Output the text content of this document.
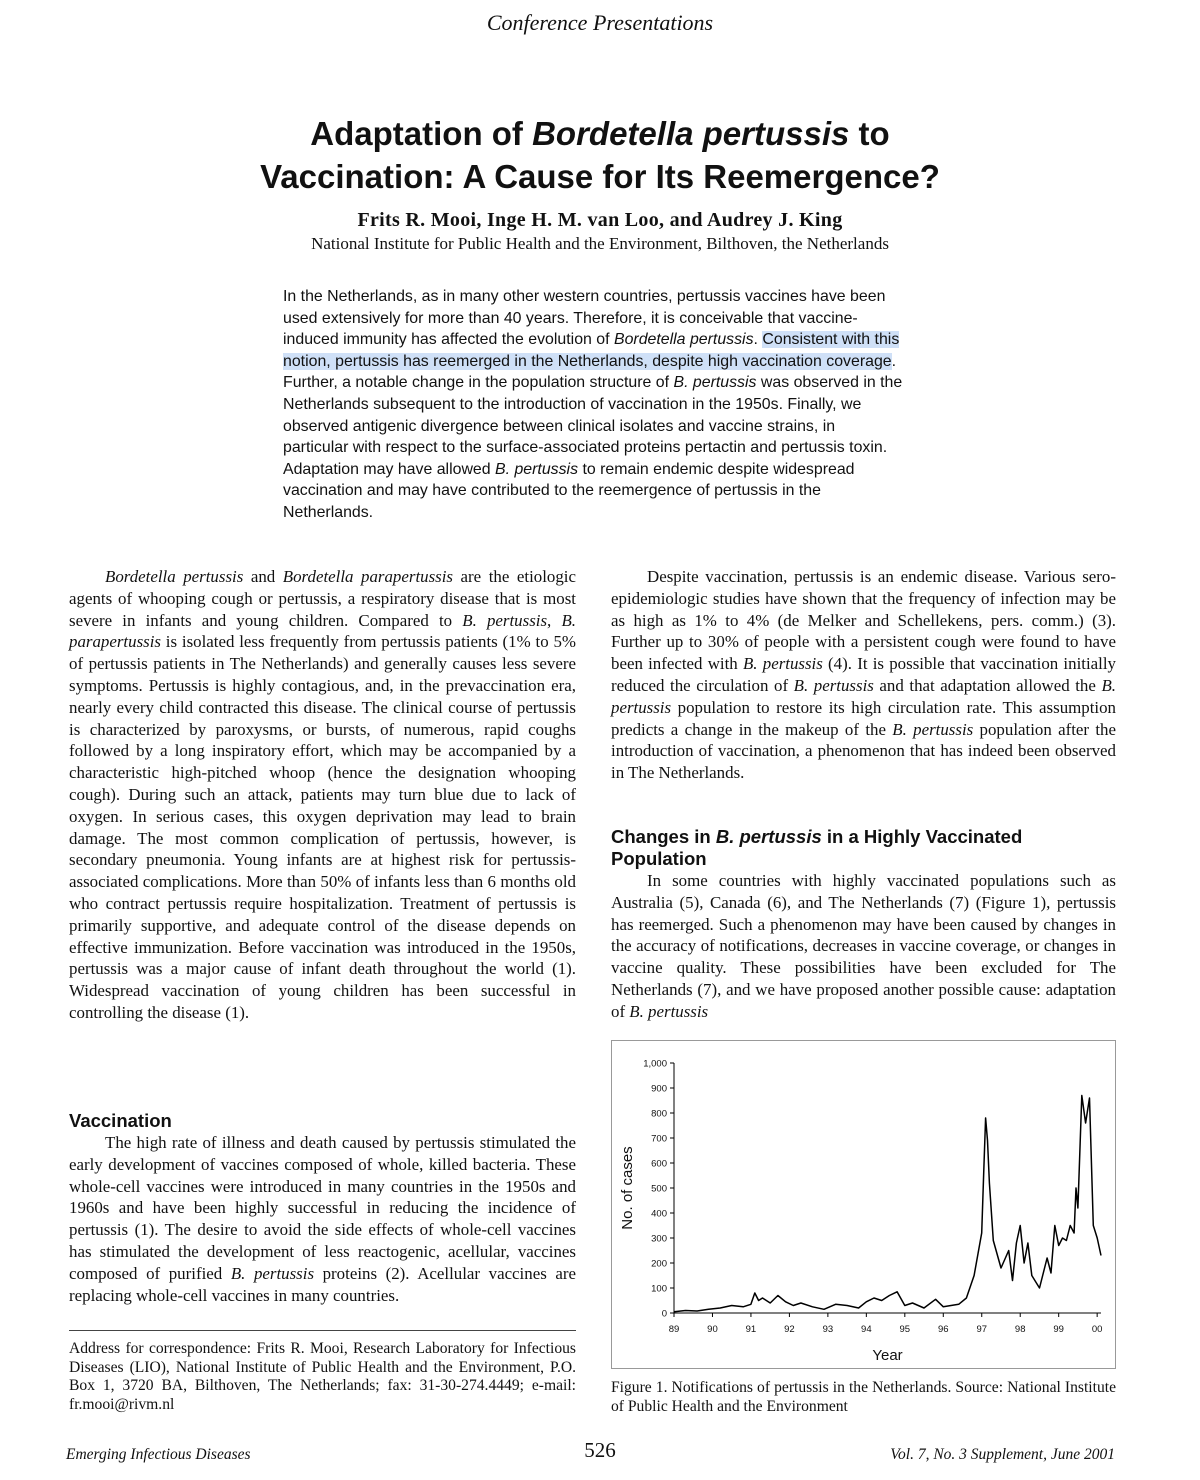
Conference Presentations
Adaptation of Bordetella pertussis to
Vaccination: A Cause for Its Reemergence?
Frits R. Mooi, Inge H. M. van Loo, and Audrey J. King
National Institute for Public Health and the Environment, Bilthoven, the Netherlands
In the Netherlands, as in many other western countries, pertussis vaccines have been used extensively for more than 40 years. Therefore, it is conceivable that vaccine-induced immunity has affected the evolution of Bordetella pertussis. Consistent with this notion, pertussis has reemerged in the Netherlands, despite high vaccination coverage. Further, a notable change in the population structure of B. pertussis was observed in the Netherlands subsequent to the introduction of vaccination in the 1950s. Finally, we observed antigenic divergence between clinical isolates and vaccine strains, in particular with respect to the surface-associated proteins pertactin and pertussis toxin. Adaptation may have allowed B. pertussis to remain endemic despite widespread vaccination and may have contributed to the reemergence of pertussis in the Netherlands.

Bordetella pertussis and Bordetella parapertussis are the etiologic agents of whooping cough or pertussis, a respiratory disease that is most severe in infants and young children. Compared to B. pertussis, B. parapertussis is isolated less frequently from pertussis patients (1% to 5% of pertussis patients in The Netherlands) and generally causes less severe symptoms. Pertussis is highly contagious, and, in the prevaccination era, nearly every child contracted this disease. The clinical course of pertussis is characterized by paroxysms, or bursts, of numerous, rapid coughs followed by a long inspiratory effort, which may be accompanied by a characteristic high-pitched whoop (hence the designation whooping cough). During such an attack, patients may turn blue due to lack of oxygen. In serious cases, this oxygen deprivation may lead to brain damage. The most common complication of pertussis, however, is secondary pneumonia. Young infants are at highest risk for pertussis-associated complications. More than 50% of infants less than 6 months old who contract pertussis require hospitalization. Treatment of pertussis is primarily supportive, and adequate control of the disease depends on effective immunization. Before vaccination was introduced in the 1950s, pertussis was a major cause of infant death throughout the world (1). Widespread vaccination of young children has been successful in controlling the disease (1).

Vaccination

The high rate of illness and death caused by pertussis stimulated the early development of vaccines composed of whole, killed bacteria. These whole-cell vaccines were introduced in many countries in the 1950s and 1960s and have been highly successful in reducing the incidence of pertussis (1). The desire to avoid the side effects of whole-cell vaccines has stimulated the development of less reactogenic, acellular, vaccines composed of purified B. pertussis proteins (2). Acellular vaccines are replacing whole-cell vaccines in many countries.

Address for correspondence: Frits R. Mooi, Research Laboratory for Infectious Diseases (LIO), National Institute of Public Health and the Environment, P.O. Box 1, 3720 BA, Bilthoven, The Netherlands; fax: 31-30-274.4449; e-mail: fr.mooi@rivm.nl

Despite vaccination, pertussis is an endemic disease. Various sero-epidemiologic studies have shown that the frequency of infection may be as high as 1% to 4% (de Melker and Schellekens, pers. comm.) (3). Further up to 30% of people with a persistent cough were found to have been infected with B. pertussis (4). It is possible that vaccination initially reduced the circulation of B. pertussis and that adaptation allowed the B. pertussis population to restore its high circulation rate. This assumption predicts a change in the makeup of the B. pertussis population after the introduction of vaccination, a phenomenon that has indeed been observed in The Netherlands.

Changes in B. pertussis in a Highly Vaccinated Population

In some countries with highly vaccinated populations such as Australia (5), Canada (6), and The Netherlands (7) (Figure 1), pertussis has reemerged. Such a phenomenon may have been caused by changes in the accuracy of notifications, decreases in vaccine coverage, or changes in vaccine quality. These possibilities have been excluded for The Netherlands (7), and we have proposed another possible cause: adaptation of B. pertussis

0
100
200
300
400
500
600
700
800
900
1,000
89	90	91	92	93	94	95	96	97	98	99	00
Year
No. of cases
Figure 1. Notifications of pertussis in the Netherlands. Source: National Institute of Public Health and the Environment
Emerging Infectious Diseases	526	Vol. 7, No. 3 Supplement, June 2001
